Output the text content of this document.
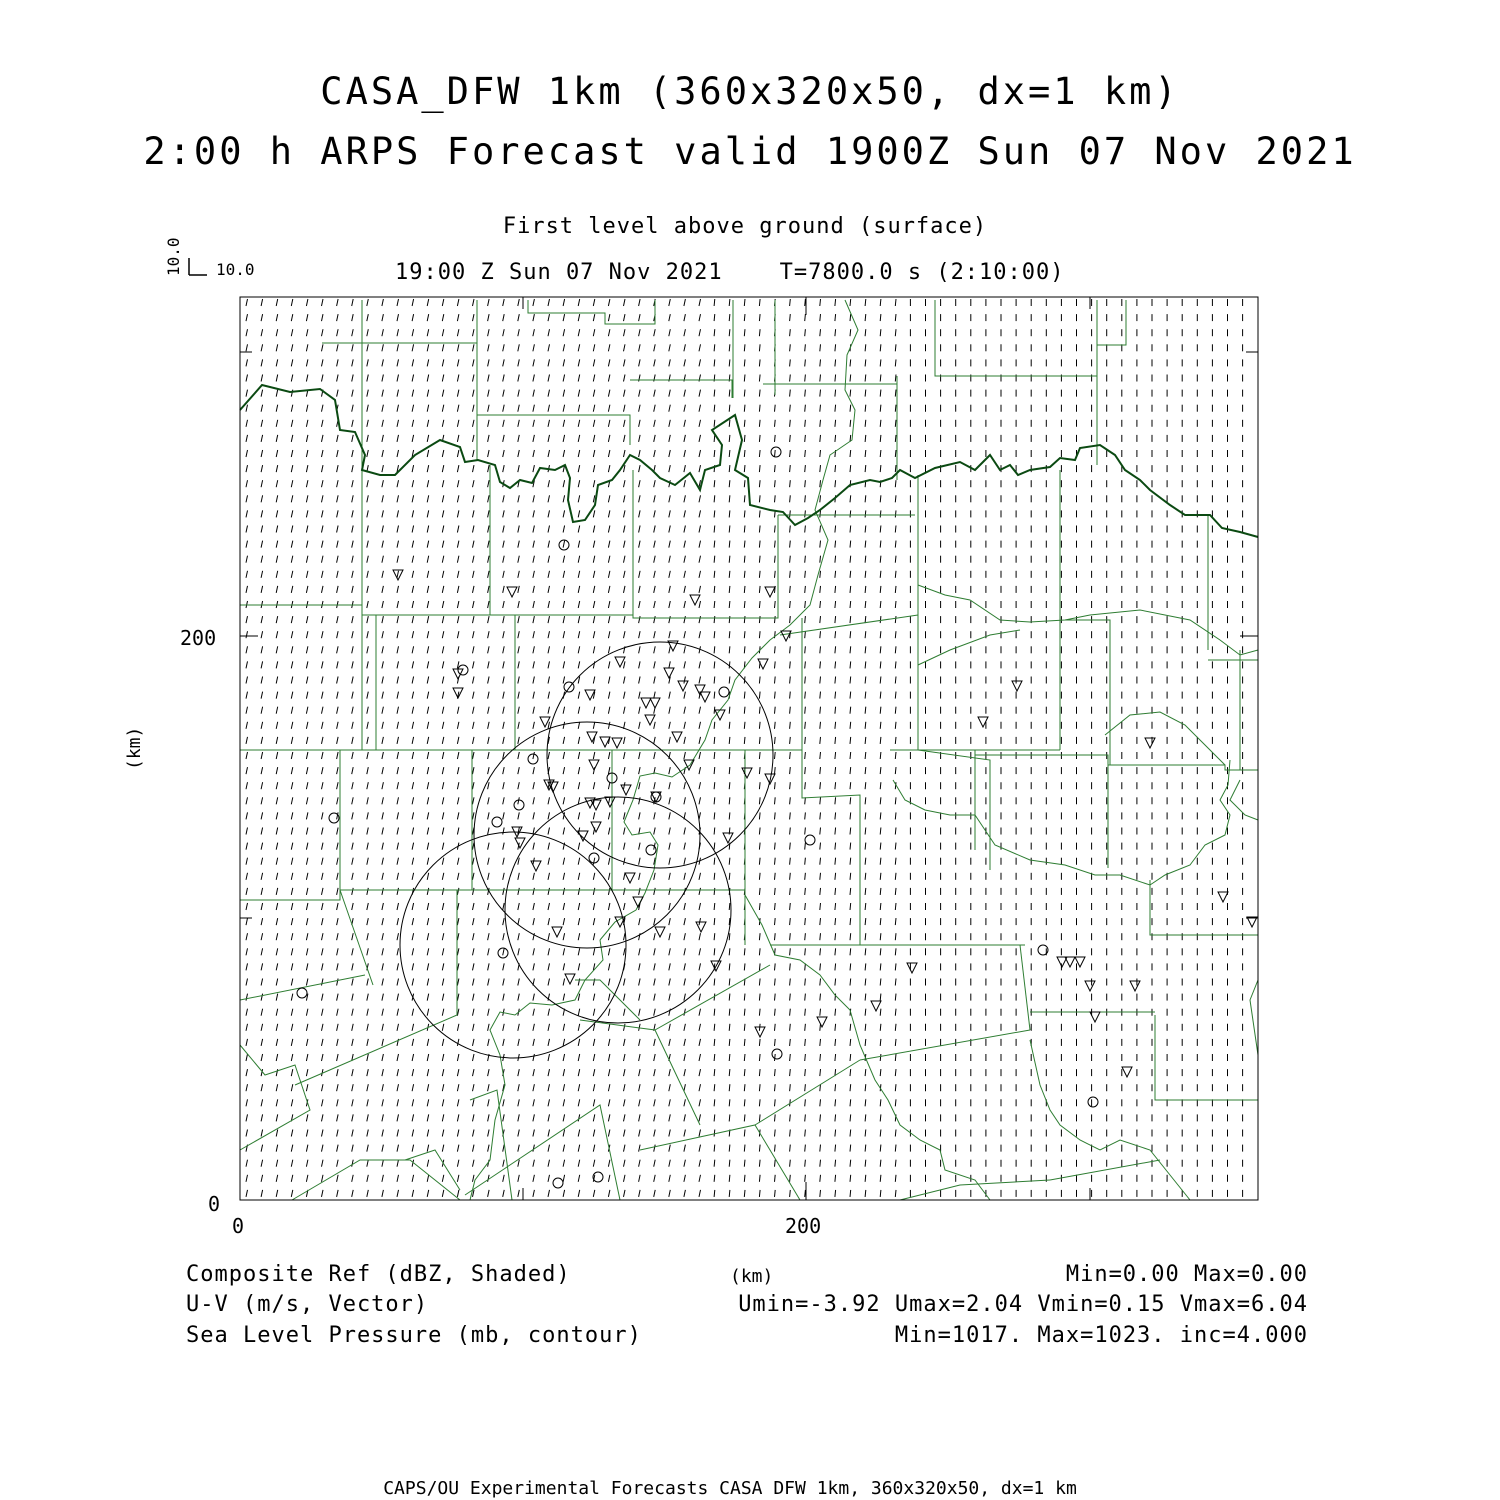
CASA_DFW 1km (360x320x50, dx=1 km)
2:00 h ARPS Forecast valid 1900Z Sun 07 Nov 2021
First level above ground (surface)
19:00 Z Sun 07 Nov 2021	T=7800.0 s (2:10:00)
10.0 10.0
200
0
0	200
(km)
(km)
Composite Ref (dBZ, Shaded)
U-V (m/s, Vector)
Sea Level Pressure (mb, contour)
Min=0.00 Max=0.00
Umin=-3.92 Umax=2.04 Vmin=0.15 Vmax=6.04
Min=1017. Max=1023. inc=4.000
CAPS/OU Experimental Forecasts CASA DFW 1km, 360x320x50, dx=1 km
